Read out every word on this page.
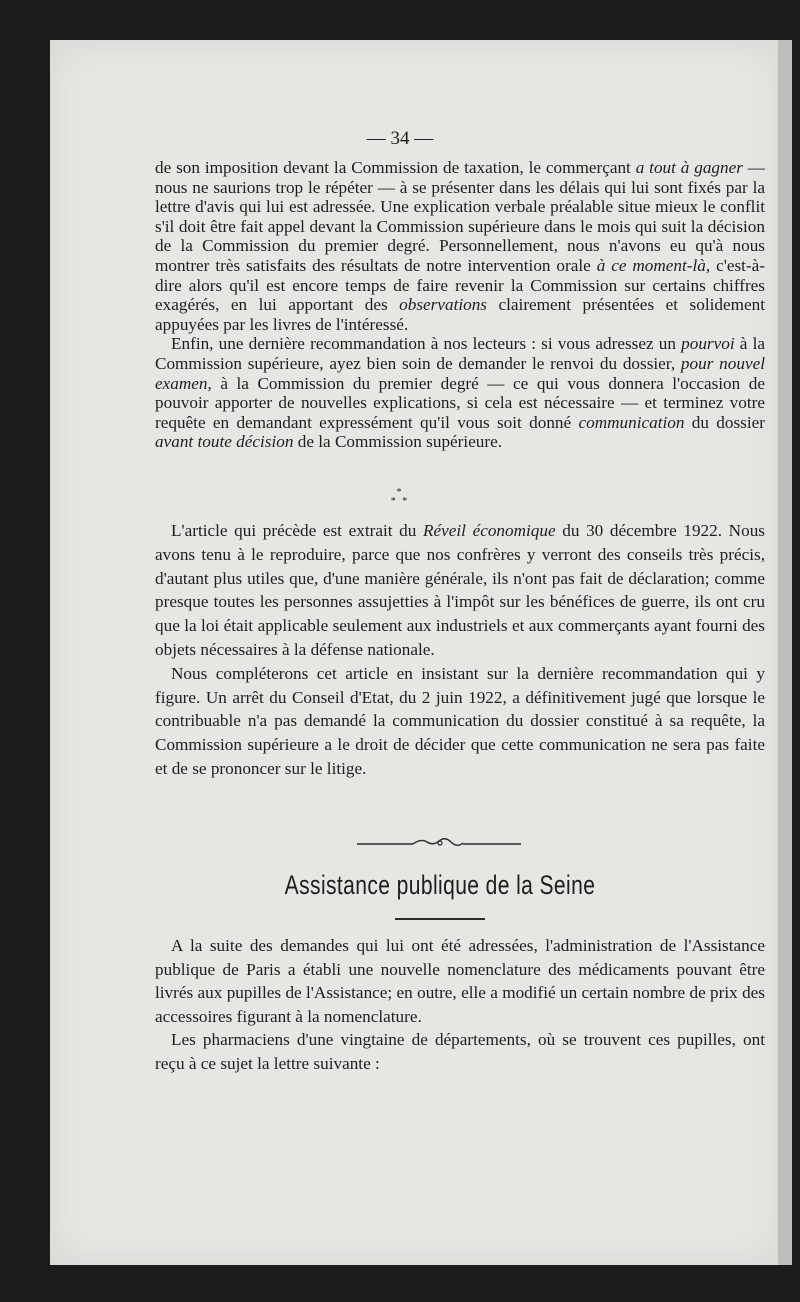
— 34 —

de son imposition devant la Commission de taxation, le commerçant a tout à gagner — nous ne saurions trop le répéter — à se présenter dans les délais qui lui sont fixés par la lettre d'avis qui lui est adressée. Une explication verbale préalable situe mieux le conflit s'il doit être fait appel devant la Commission supérieure dans le mois qui suit la décision de la Commission du premier degré. Personnellement, nous n'avons eu qu'à nous montrer très satisfaits des résultats de notre intervention orale à ce moment-là, c'est-à-dire alors qu'il est encore temps de faire revenir la Commission sur certains chiffres exagérés, en lui apportant des observations clairement présentées et solidement appuyées par les livres de l'intéressé.

Enfin, une dernière recommandation à nos lecteurs : si vous adressez un pourvoi à la Commission supérieure, ayez bien soin de demander le renvoi du dossier, pour nouvel examen, à la Commission du premier degré — ce qui vous donnera l'occasion de pouvoir apporter de nouvelles explications, si cela est nécessaire — et terminez votre requête en demandant expressément qu'il vous soit donné communication du dossier avant toute décision de la Commission supérieure.

*
* *

L'article qui précède est extrait du Réveil économique du 30 décembre 1922. Nous avons tenu à le reproduire, parce que nos confrères y verront des conseils très précis, d'autant plus utiles que, d'une manière générale, ils n'ont pas fait de déclaration; comme presque toutes les personnes assujetties à l'impôt sur les bénéfices de guerre, ils ont cru que la loi était applicable seulement aux industriels et aux commerçants ayant fourni des objets nécessaires à la défense nationale.

Nous compléterons cet article en insistant sur la dernière recommandation qui y figure. Un arrêt du Conseil d'Etat, du 2 juin 1922, a définitivement jugé que lorsque le contribuable n'a pas demandé la communication du dossier constitué à sa requête, la Commission supérieure a le droit de décider que cette communication ne sera pas faite et de se prononcer sur le litige.

Assistance publique de la Seine

A la suite des demandes qui lui ont été adressées, l'administration de l'Assistance publique de Paris a établi une nouvelle nomenclature des médicaments pouvant être livrés aux pupilles de l'Assistance; en outre, elle a modifié un certain nombre de prix des accessoires figurant à la nomenclature.

Les pharmaciens d'une vingtaine de départements, où se trouvent ces pupilles, ont reçu à ce sujet la lettre suivante :
